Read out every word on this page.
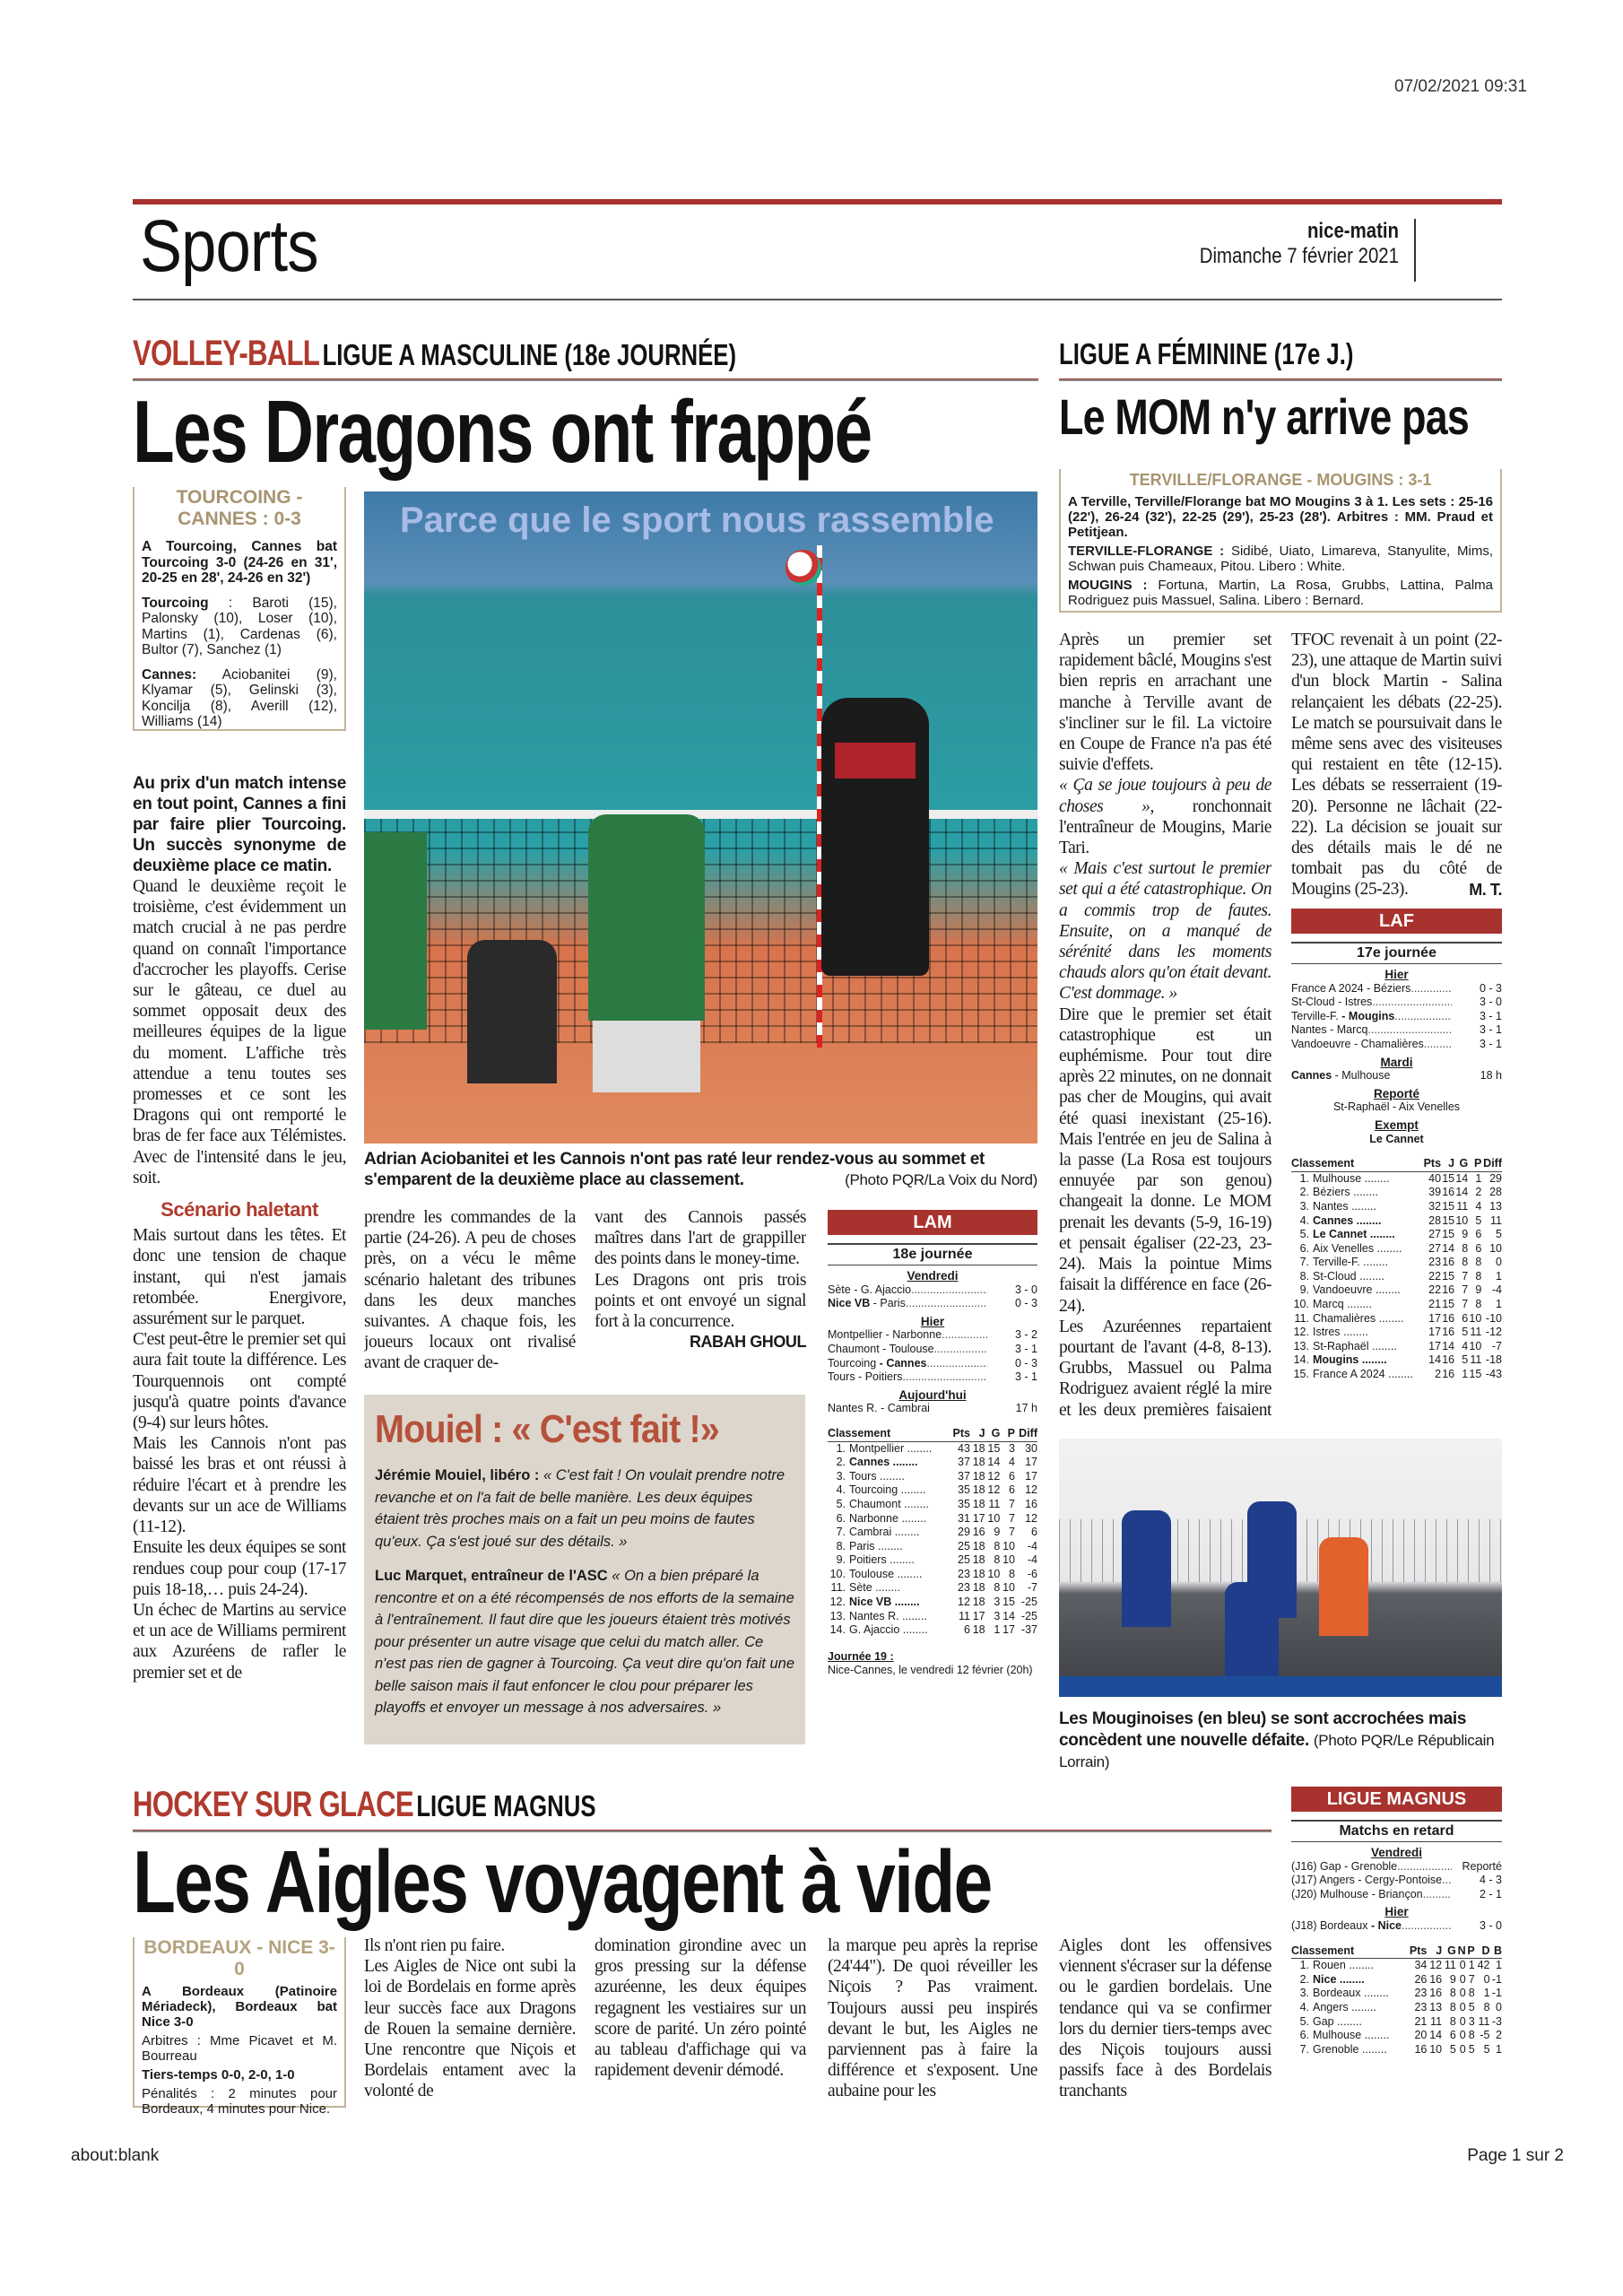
07/02/2021 09:31
Sports	nice-matin
Dimanche 7 février 2021
VOLLEY-BALL LIGUE A MASCULINE (18e JOURNÉE)
Les Dragons ont frappé
TOURCOING - CANNES : 0-3

A Tourcoing, Cannes bat Tourcoing 3-0 (24-26 en 31', 20-25 en 28', 24-26 en 32')

Tourcoing : Baroti (15), Palonsky (10), Loser (10), Martins (1), Cardenas (6), Bultor (7), Sanchez (1)

Cannes: Aciobanitei (9), Klyamar (5), Gelinski (3), Koncilja (8), Averill (12), Williams (14)

Parce que le sport nous rassemble
Adrian Aciobanitei et les Cannois n'ont pas raté leur rendez-vous au sommet et s'emparent de la deuxième place au classement.	(Photo PQR/La Voix du Nord)

Au prix d'un match intense en tout point, Cannes a fini par faire plier Tourcoing. Un succès synonyme de deuxième place ce matin.

Quand le deuxième reçoit le troisième, c'est évidemment un match crucial à ne pas perdre quand on connaît l'importance d'accrocher les playoffs. Cerise sur le gâteau, ce duel au sommet opposait deux des meilleures équipes de la ligue du moment. L'affiche très attendue a tenu toutes ses promesses et ce sont les Dragons qui ont remporté le bras de fer face aux Télémistes. Avec de l'intensité dans le jeu, soit.

Scénario haletant

Mais surtout dans les têtes. Et donc une tension de chaque instant, qui n'est jamais retombée. Energivore, assurément sur le parquet.

C'est peut-être le premier set qui aura fait toute la différence. Les Tourquennois ont compté jusqu'à quatre points d'avance (9-4) sur leurs hôtes.

Mais les Cannois n'ont pas baissé les bras et ont réussi à réduire l'écart et à prendre les devants sur un ace de Williams (11-12).

Ensuite les deux équipes se sont rendues coup pour coup (17-17 puis 18-18,… puis 24-24).

Un échec de Martins au service et un ace de Williams permirent aux Azuréens de rafler le premier set et de

prendre les commandes de la partie (24-26). A peu de choses près, on a vécu le même scénario haletant des tribunes dans les deux manches suivantes. A chaque fois, les joueurs locaux ont rivalisé avant de craquer de-

vant des Cannois passés maîtres dans l'art de grappiller des points dans le money-time.

Les Dragons ont pris trois points et ont envoyé un signal fort à la concurrence.

RABAH GHOUL
Mouiel : « C'est fait !»

Jérémie Mouiel, libéro : « C'est fait ! On voulait prendre notre revanche et on l'a fait de belle manière. Les deux équipes étaient très proches mais on a fait un peu moins de fautes qu'eux. Ça s'est joué sur des détails. »

Luc Marquet, entraîneur de l'ASC « On a bien préparé la rencontre et on a été récompensés de nos efforts de la semaine à l'entraînement. Il faut dire que les joueurs étaient très motivés pour présenter un autre visage que celui du match aller. Ce n'est pas rien de gagner à Tourcoing. Ça veut dire qu'on fait une belle saison mais il faut enfoncer le clou pour préparer les playoffs et envoyer un message à nos adversaires. »

LAM
18e journée
Vendredi
Sète - G. Ajaccio .....	3 - 0
Nice VB - Paris .....	0 - 3
Hier
Montpellier - Narbonne .....	3 - 2
Chaumont - Toulouse .....	3 - 1
Tourcoing - Cannes .....	0 - 3
Tours - Poitiers .....	3 - 1
Aujourd'hui
Nantes R. - Cambrai	17 h
Classement		Pts	J	G	P	Diff
1.	Montpellier .....	43	18	15	3	30
2.	Cannes .....	37	18	14	4	17
3.	Tours .....	37	18	12	6	17
4.	Tourcoing .....	35	18	12	6	12
5.	Chaumont .....	35	18	11	7	16
6.	Narbonne .....	31	17	10	7	12
7.	Cambrai .....	29	16	9	7	6
8.	Paris .....	25	18	8	10	-4
9.	Poitiers .....	25	18	8	10	-4
10.	Toulouse .....	23	18	10	8	-6
11.	Sète .....	23	18	8	10	-7
12.	Nice VB .....	12	18	3	15	-25
13.	Nantes R. .....	11	17	3	14	-25
14.	G. Ajaccio .....	6	18	1	17	-37
Journée 19 :
Nice-Cannes, le vendredi 12 février (20h)
LIGUE A FÉMININE (17e J.)
Le MOM n'y arrive pas
TERVILLE/FLORANGE - MOUGINS : 3-1

A Terville, Terville/Florange bat MO Mougins 3 à 1. Les sets : 25-16 (22'), 26-24 (32'), 22-25 (29'), 25-23 (28'). Arbitres : MM. Praud et Petitjean.

TERVILLE-FLORANGE : Sidibé, Uiato, Limareva, Stanyulite, Mims, Schwan puis Chameaux, Pitou. Libero : White.

MOUGINS : Fortuna, Martin, La Rosa, Grubbs, Lattina, Palma Rodriguez puis Massuel, Salina. Libero : Bernard.

Après un premier set rapidement bâclé, Mougins s'est bien repris en arrachant une manche à Terville avant de s'incliner sur le fil. La victoire en Coupe de France n'a pas été suivie d'effets.

« Ça se joue toujours à peu de choses », ronchonnait l'entraîneur de Mougins, Marie Tari.

« Mais c'est surtout le premier set qui a été catastrophique. On a commis trop de fautes. Ensuite, on a manqué de sérénité dans les moments chauds alors qu'on était devant. C'est dommage. »

Dire que le premier set était catastrophique est un euphémisme. Pour tout dire après 22 minutes, on ne donnait pas cher de Mougins, qui avait été quasi inexistant (25-16). Mais l'entrée en jeu de Salina à la passe (La Rosa est toujours ennuyée par son genou) changeait la donne. Le MOM prenait les devants (5-9, 16-19) et pensait égaliser (22-23, 23-24). Mais la pointue Mims faisait la différence en face (26-24).

Les Azuréennes repartaient pourtant de l'avant (4-8, 8-13). Grubbs, Massuel ou Palma Rodriguez avaient réglé la mire et les deux premières faisaient

TFOC revenait à un point (22-23), une attaque de Martin suivi d'un block Martin - Salina relançaient les débats (22-25). Le match se poursuivait dans le même sens avec des visiteuses qui restaient en tête (12-15). Les débats se resserraient (19-20). Personne ne lâchait (22-22). La décision se jouait sur des détails mais le dé ne tombait pas du côté de Mougins (25-23).	M. T.
LAF
17e journée
Hier
France A 2024 - Béziers .....	0 - 3
St-Cloud - Istres .....	3 - 0
Terville-F. - Mougins .....	3 - 1
Nantes - Marcq .....	3 - 1
Vandoeuvre - Chamalières .....	3 - 1
Mardi
Cannes - Mulhouse	18 h
Reporté
St-Raphaël - Aix Venelles
Exempt
Le Cannet
Classement		Pts	J	G	P	Diff
1.	Mulhouse .....	40	15	14	1	29
2.	Béziers .....	39	16	14	2	28
3.	Nantes .....	32	15	11	4	13
4.	Cannes .....	28	15	10	5	11
5.	Le Cannet .....	27	15	9	6	5
6.	Aix Venelles .....	27	14	8	6	10
7.	Terville-F. .....	23	16	8	8	0
8.	St-Cloud .....	22	15	7	8	1
9.	Vandoeuvre .....	22	16	7	9	-4
10.	Marcq .....	21	15	7	8	1
11.	Chamalières .....	17	16	6	10	-10
12.	Istres .....	17	16	5	11	-12
13.	St-Raphaël .....	17	14	4	10	-7
14.	Mougins .....	14	16	5	11	-18
15.	France A 2024 .....	2	16	1	15	-43
Les Mouginoises (en bleu) se sont accrochées mais concèdent une nouvelle défaite. (Photo PQR/Le Républicain Lorrain)
HOCKEY SUR GLACE LIGUE MAGNUS
Les Aigles voyagent à vide
BORDEAUX - NICE 3-0

A Bordeaux (Patinoire Mériadeck), Bordeaux bat Nice 3-0

Arbitres : Mme Picavet et M. Bourreau

Tiers-temps 0-0, 2-0, 1-0

Pénalités : 2 minutes pour Bordeaux, 4 minutes pour Nice.

Ils n'ont rien pu faire.

Les Aigles de Nice ont subi la loi de Bordelais en forme après leur succès face aux Dragons de Rouen la semaine dernière. Une rencontre que Niçois et Bordelais entament avec la volonté de

domination girondine avec un gros pressing sur la défense azuréenne, les deux équipes regagnent les vestiaires sur un score de parité. Un zéro pointé au tableau d'affichage qui va rapidement devenir démodé.

la marque peu après la reprise (24'44"). De quoi réveiller les Niçois ? Pas vraiment. Toujours aussi peu inspirés devant le but, les Aigles ne parviennent pas à faire la différence et s'exposent. Une aubaine pour les

Aigles dont les offensives viennent s'écraser sur la défense ou le gardien bordelais. Une tendance qui va se confirmer lors du dernier tiers-temps avec des Niçois toujours aussi passifs face à des Bordelais tranchants

LIGUE MAGNUS
Matchs en retard
Vendredi
(J16) Gap - Grenoble .....	Reporté
(J17) Angers - Cergy-Pontoise .....	4 - 3
(J20) Mulhouse - Briançon .....	2 - 1
Hier
(J18) Bordeaux - Nice .....	3 - 0
Classement		Pts	J	G	N	P	D	B
1.	Rouen .....	34	12	11	0	1	42	1
2.	Nice .....	26	16	9	0	7	0	-1
3.	Bordeaux .....	23	16	8	0	8	1	-1
4.	Angers .....	23	13	8	0	5	8	0
5.	Gap .....	21	11	8	0	3	11	-3
6.	Mulhouse .....	20	14	6	0	8	-5	2
7.	Grenoble .....	16	10	5	0	5	5	1
about:blank	Page 1 sur 2
